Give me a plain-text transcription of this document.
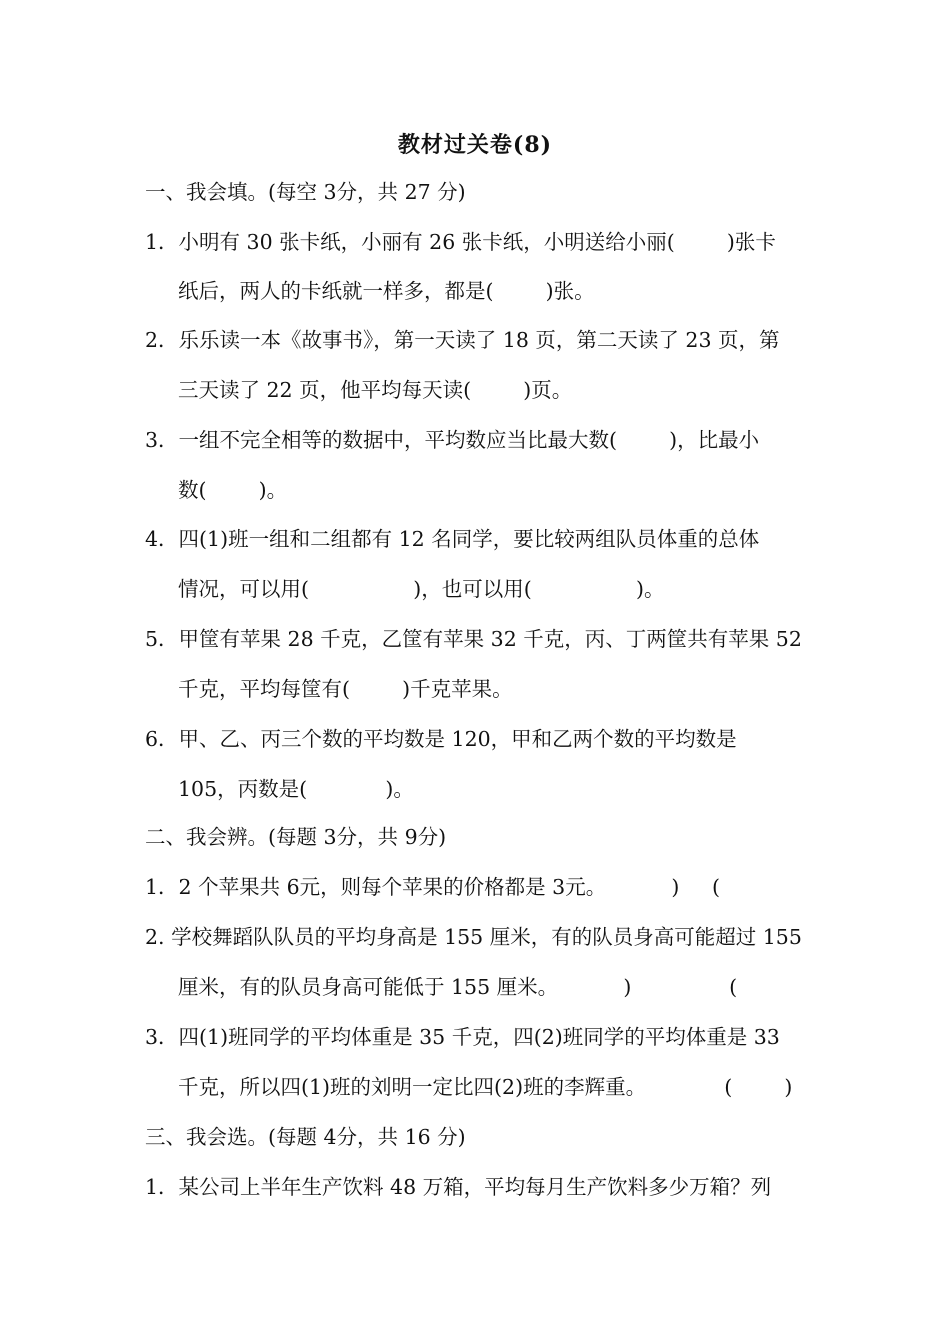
教材过关卷(8)
一、我会填。(每空 3分，共 27 分)
1．小明有 30 张卡纸，小丽有 26 张卡纸，小明送给小丽(        )张卡
纸后，两人的卡纸就一样多，都是(        )张。
2．乐乐读一本《故事书》，第一天读了 18 页，第二天读了 23 页，第
三天读了 22 页，他平均每天读(        )页。
3．一组不完全相等的数据中，平均数应当比最大数(        )，比最小
数(        )。
4．四(1)班一组和二组都有 12 名同学，要比较两组队员体重的总体
情况，可以用(                )，也可以用(                )。
5．甲筐有苹果 28 千克，乙筐有苹果 32 千克，丙、丁两筐共有苹果 52
千克，平均每筐有(        )千克苹果。
6．甲、乙、丙三个数的平均数是 120，甲和乙两个数的平均数是
105，丙数是(            )。
二、我会辨。(每题 3分，共 9分)
1．2 个苹果共 6元，则每个苹果的价格都是 3元。          )     (
2. 学校舞蹈队队员的平均身高是 155 厘米，有的队员身高可能超过 155
厘米，有的队员身高可能低于 155 厘米。          )               (
3．四(1)班同学的平均体重是 35 千克，四(2)班同学的平均体重是 33
千克，所以四(1)班的刘明一定比四(2)班的李辉重。            (        )
三、我会选。(每题 4分，共 16 分)
1．某公司上半年生产饮料 48 万箱，平均每月生产饮料多少万箱？列
